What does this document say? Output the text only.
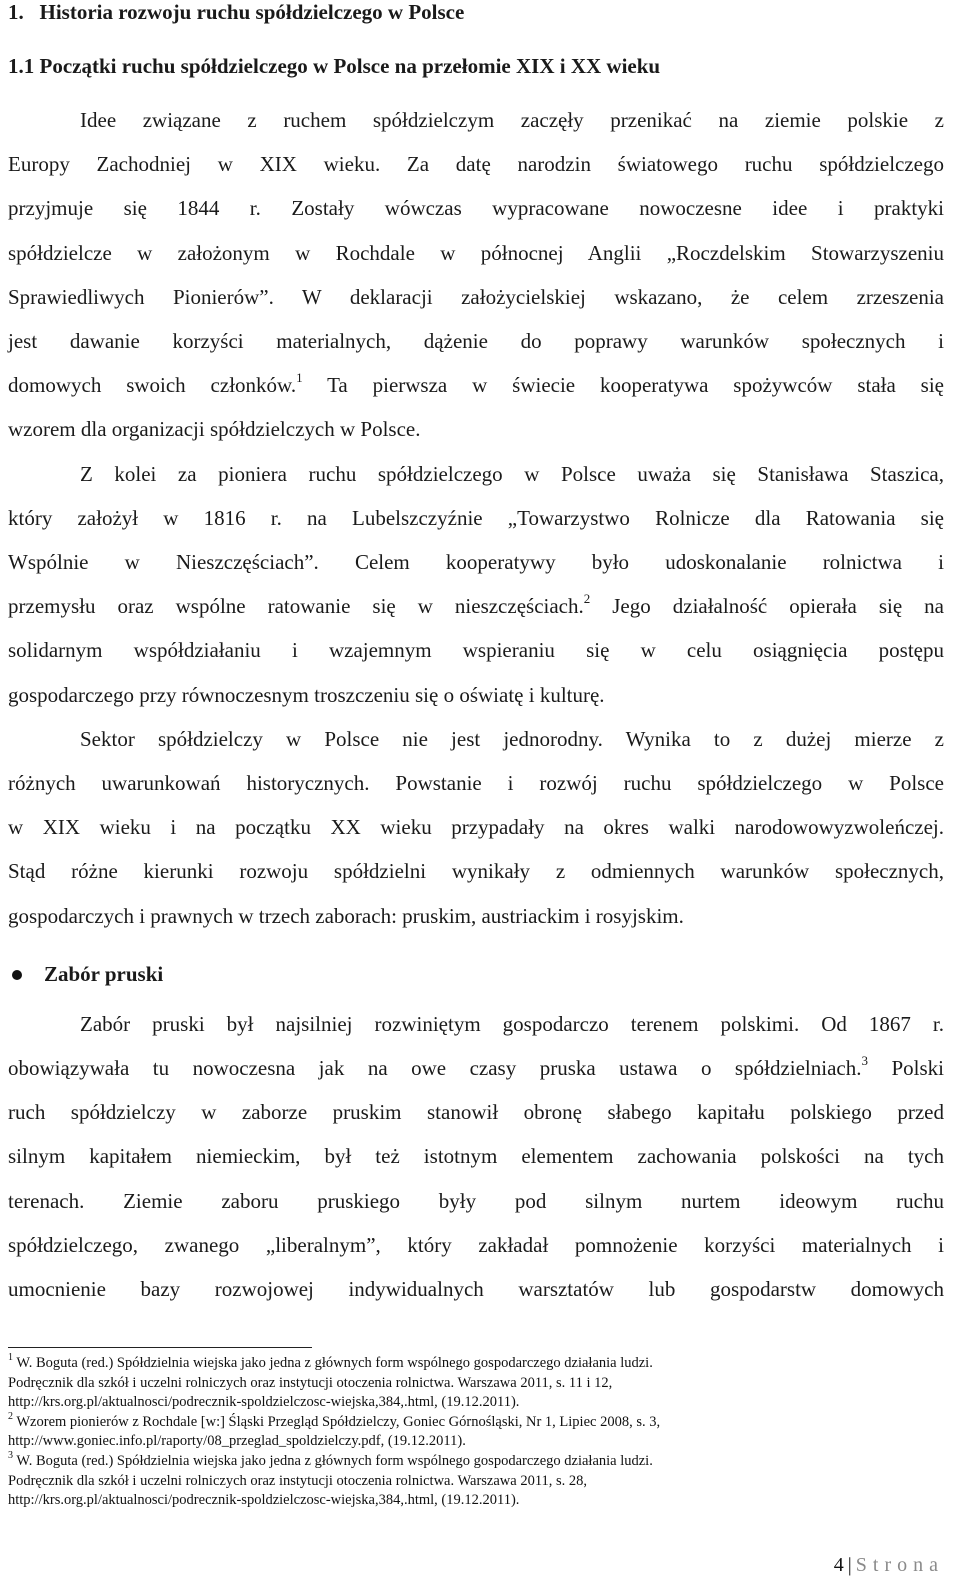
1.   Historia rozwoju ruchu spółdzielczego w Polsce
1.1 Początki ruchu spółdzielczego w Polsce na przełomie XIX i XX wieku
Idee związane z ruchem spółdzielczym zaczęły przenikać na ziemie polskie z
Europy Zachodniej w XIX wieku. Za datę narodzin światowego ruchu spółdzielczego
przyjmuje się 1844 r. Zostały wówczas wypracowane nowoczesne idee i praktyki
spółdzielcze w założonym w Rochdale w północnej Anglii „Roczdelskim Stowarzyszeniu
Sprawiedliwych Pionierów”. W deklaracji założycielskiej wskazano, że celem zrzeszenia
jest dawanie korzyści materialnych, dążenie do poprawy warunków społecznych i
domowych swoich członków.$^1$ Ta pierwsza w świecie kooperatywa spożywców stała się
wzorem dla organizacji spółdzielczych w Polsce.
Z kolei za pioniera ruchu spółdzielczego w Polsce uważa się Stanisława Staszica,
który założył w 1816 r. na Lubelszczyźnie „Towarzystwo Rolnicze dla Ratowania się
Wspólnie w Nieszczęściach”. Celem kooperatywy było udoskonalanie rolnictwa i
przemysłu oraz wspólne ratowanie się w nieszczęściach.$^2$ Jego działalność opierała się na
solidarnym współdziałaniu i wzajemnym wspieraniu się w celu osiągnięcia postępu
gospodarczego przy równoczesnym troszczeniu się o oświatę i kulturę.
Sektor spółdzielczy w Polsce nie jest jednorodny. Wynika to z dużej mierze z
różnych uwarunkowań historycznych. Powstanie i rozwój ruchu spółdzielczego w Polsce
w XIX wieku i na początku XX wieku przypadały na okres walki narodowowyzwoleńczej.
Stąd różne kierunki rozwoju spółdzielni wynikały z odmiennych warunków społecznych,
gospodarczych i prawnych w trzech zaborach: pruskim, austriackim i rosyjskim.
Zabór pruski
Zabór pruski był najsilniej rozwiniętym gospodarczo terenem polskimi. Od 1867 r.
obowiązywała tu nowoczesna jak na owe czasy pruska ustawa o spółdzielniach.$^3$ Polski
ruch spółdzielczy w zaborze pruskim stanowił obronę słabego kapitału polskiego przed
silnym kapitałem niemieckim, był też istotnym elementem zachowania polskości na tych
terenach. Ziemie zaboru pruskiego były pod silnym nurtem ideowym ruchu
spółdzielczego, zwanego „liberalnym”, który zakładał pomnożenie korzyści materialnych i
umocnienie bazy rozwojowej indywidualnych warsztatów lub gospodarstw domowych

$^1$ W. Boguta (red.) Spółdzielnia wiejska jako jedna z głównych form wspólnego gospodarczego działania ludzi.

Podręcznik dla szkół i uczelni rolniczych oraz instytucji otoczenia rolnictwa. Warszawa 2011, s. 11 i 12,

http://krs.org.pl/aktualnosci/podrecznik-spoldzielczosc-wiejska,384,.html, (19.12.2011).

$^2$ Wzorem pionierów z Rochdale [w:] Śląski Przegląd Spółdzielczy, Goniec Górnośląski, Nr 1, Lipiec 2008, s. 3,

http://www.goniec.info.pl/raporty/08_przeglad_spoldzielczy.pdf, (19.12.2011).

$^3$ W. Boguta (red.) Spółdzielnia wiejska jako jedna z głównych form wspólnego gospodarczego działania ludzi.

Podręcznik dla szkół i uczelni rolniczych oraz instytucji otoczenia rolnictwa. Warszawa 2011, s. 28,

http://krs.org.pl/aktualnosci/podrecznik-spoldzielczosc-wiejska,384,.html, (19.12.2011).

4 | Strona
